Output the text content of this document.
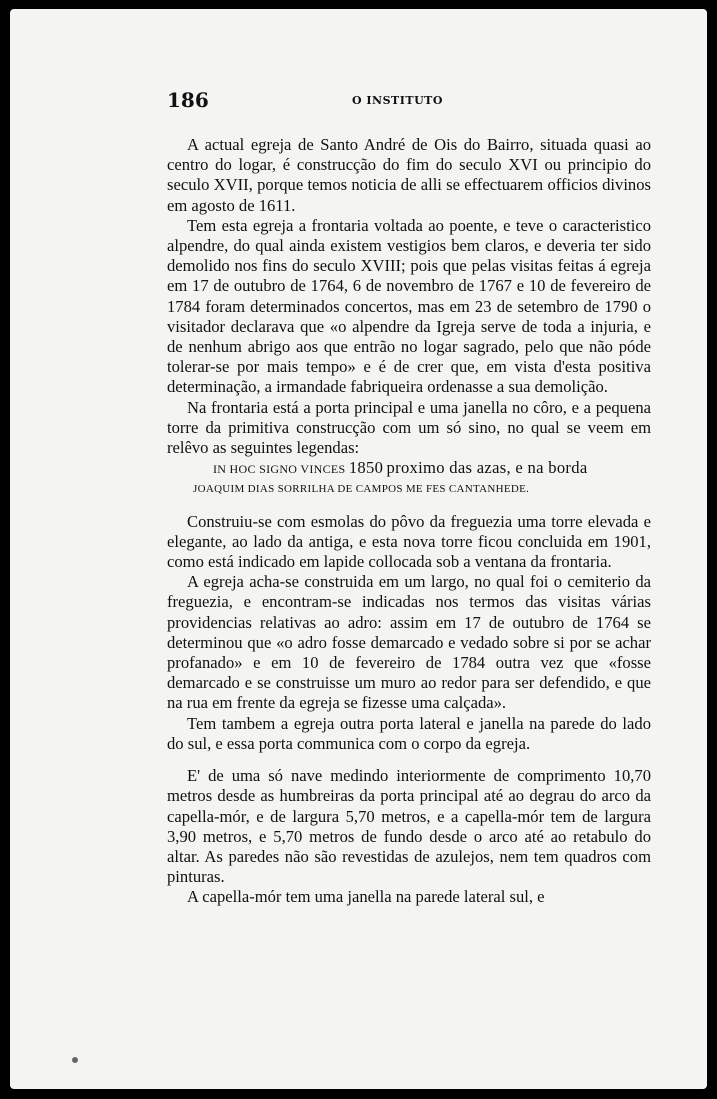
186	O INSTITUTO

A actual egreja de Santo André de Ois do Bairro, situada quasi ao centro do logar, é construcção do fim do seculo XVI ou principio do seculo XVII, porque temos noticia de alli se effectuarem officios divinos em agosto de 1611.

Tem esta egreja a frontaria voltada ao poente, e teve o caracteristico alpendre, do qual ainda existem vestigios bem claros, e deveria ter sido demolido nos fins do seculo XVIII; pois que pelas visitas feitas á egreja em 17 de outubro de 1764, 6 de novembro de 1767 e 10 de fevereiro de 1784 foram determinados concertos, mas em 23 de setembro de 1790 o visitador declarava que «o alpendre da Igreja serve de toda a injuria, e de nenhum abrigo aos que entrão no logar sagrado, pelo que não póde tolerar-se por mais tempo» e é de crer que, em vista d'esta positiva determinação, a irmandade fabriqueira ordenasse a sua demolição.

Na frontaria está a porta principal e uma janella no côro, e a pequena torre da primitiva construcção com um só sino, no qual se veem em relêvo as seguintes legendas:

IN HOC SIGNO VINCES 1850 proximo das azas, e na borda

JOAQUIM DIAS SORRILHA DE CAMPOS ME FES CANTANHEDE.

Construiu-se com esmolas do pôvo da freguezia uma torre elevada e elegante, ao lado da antiga, e esta nova torre ficou concluida em 1901, como está indicado em lapide collocada sob a ventana da frontaria.

A egreja acha-se construida em um largo, no qual foi o cemiterio da freguezia, e encontram-se indicadas nos termos das visitas várias providencias relativas ao adro: assim em 17 de outubro de 1764 se determinou que «o adro fosse demarcado e vedado sobre si por se achar profanado» e em 10 de fevereiro de 1784 outra vez que «fosse demarcado e se construisse um muro ao redor para ser defendido, e que na rua em frente da egreja se fizesse uma calçada».

Tem tambem a egreja outra porta lateral e janella na parede do lado do sul, e essa porta communica com o corpo da egreja.

E' de uma só nave medindo interiormente de comprimento 10,70 metros desde as humbreiras da porta principal até ao degrau do arco da capella-mór, e de largura 5,70 metros, e a capella-mór tem de largura 3,90 metros, e 5,70 metros de fundo desde o arco até ao retabulo do altar. As paredes não são revestidas de azulejos, nem tem quadros com pinturas.

A capella-mór tem uma janella na parede lateral sul, e
